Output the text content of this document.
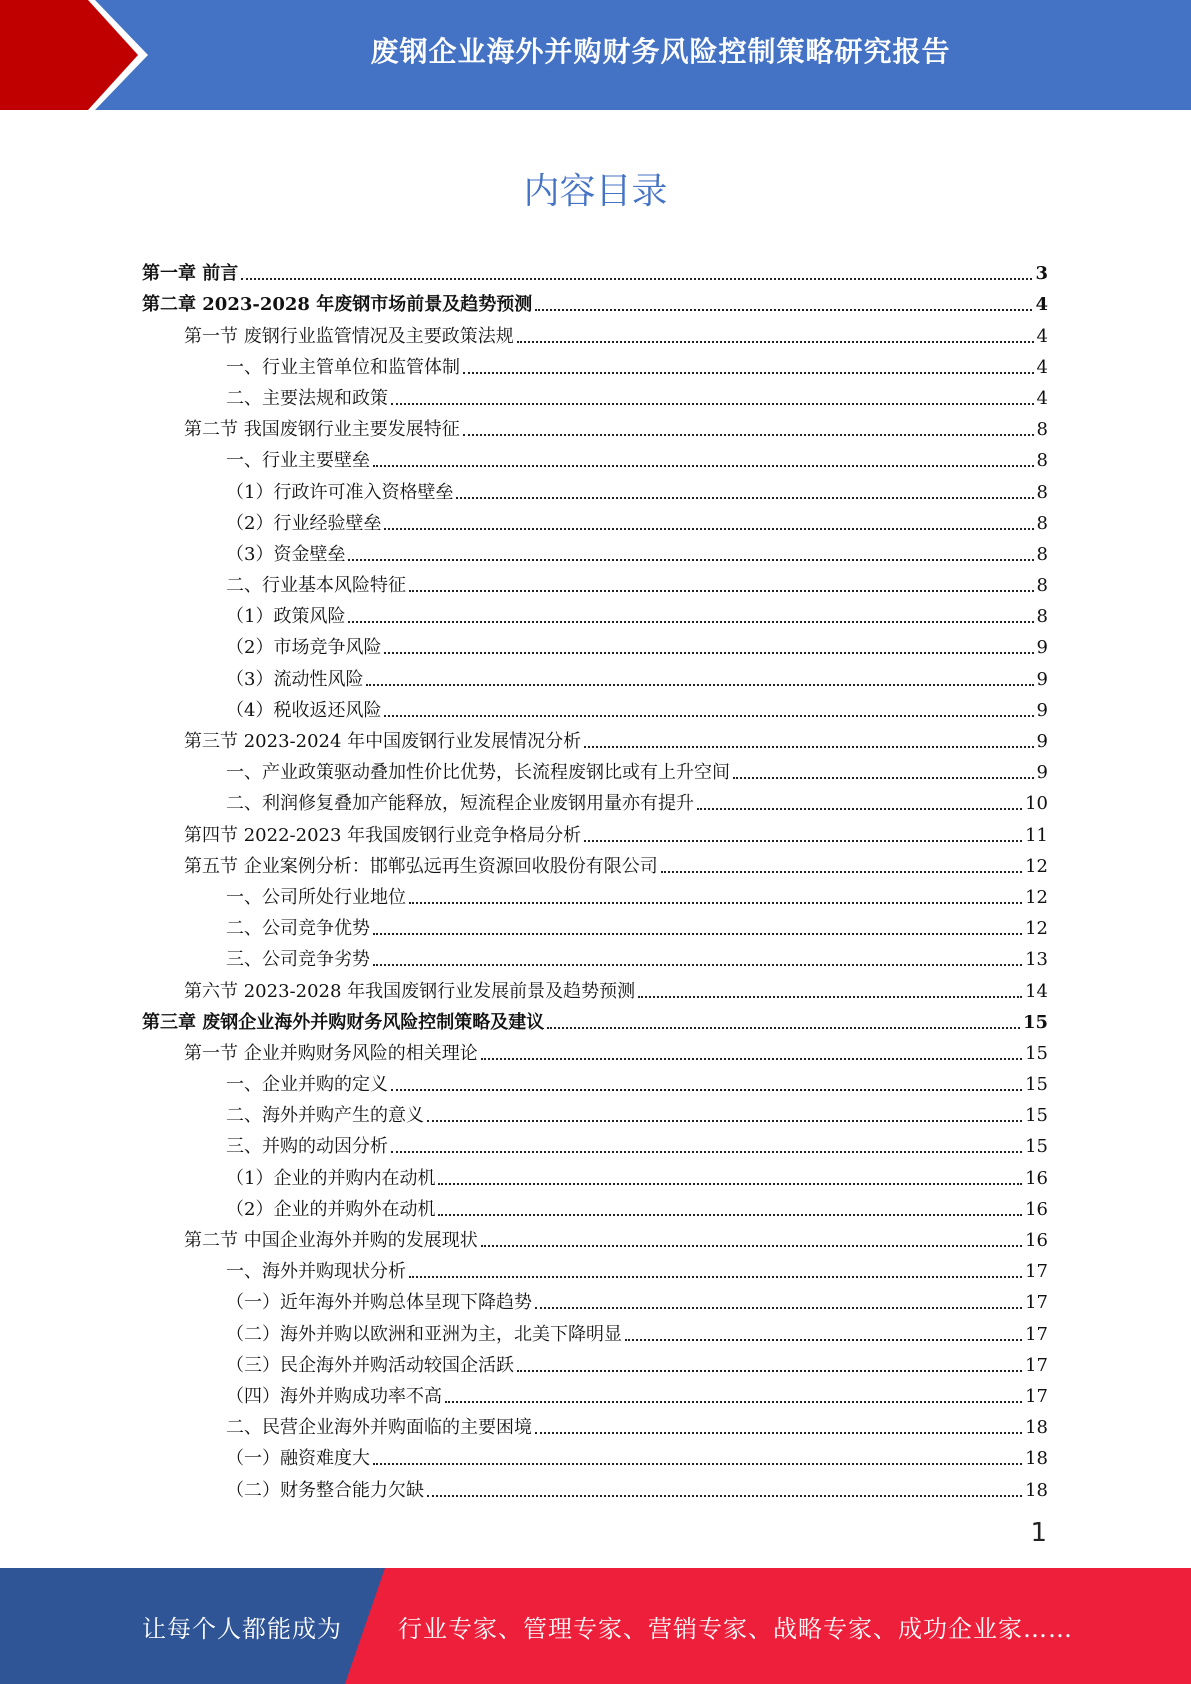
废钢企业海外并购财务风险控制策略研究报告
内容目录
第一章 前言	3
第二章 2023-2028 年废钢市场前景及趋势预测	4
第一节 废钢行业监管情况及主要政策法规	4
一、行业主管单位和监管体制	4
二、主要法规和政策	4
第二节 我国废钢行业主要发展特征	8
一、行业主要壁垒	8
（1）行政许可准入资格壁垒	8
（2）行业经验壁垒	8
（3）资金壁垒	8
二、行业基本风险特征	8
（1）政策风险	8
（2）市场竞争风险	9
（3）流动性风险	9
（4）税收返还风险	9
第三节 2023-2024 年中国废钢行业发展情况分析	9
一、产业政策驱动叠加性价比优势，长流程废钢比或有上升空间	9
二、利润修复叠加产能释放，短流程企业废钢用量亦有提升	10
第四节 2022-2023 年我国废钢行业竞争格局分析	11
第五节 企业案例分析：邯郸弘远再生资源回收股份有限公司	12
一、公司所处行业地位	12
二、公司竞争优势	12
三、公司竞争劣势	13
第六节 2023-2028 年我国废钢行业发展前景及趋势预测	14
第三章 废钢企业海外并购财务风险控制策略及建议	15
第一节 企业并购财务风险的相关理论	15
一、企业并购的定义	15
二、海外并购产生的意义	15
三、并购的动因分析	15
（1）企业的并购内在动机	16
（2）企业的并购外在动机	16
第二节 中国企业海外并购的发展现状	16
一、海外并购现状分析	17
（一）近年海外并购总体呈现下降趋势	17
（二）海外并购以欧洲和亚洲为主，北美下降明显	17
（三）民企海外并购活动较国企活跃	17
（四）海外并购成功率不高	17
二、民营企业海外并购面临的主要困境	18
（一）融资难度大	18
（二）财务整合能力欠缺	18
1
让每个人都能成为 行业专家、管理专家、营销专家、战略专家、成功企业家……
